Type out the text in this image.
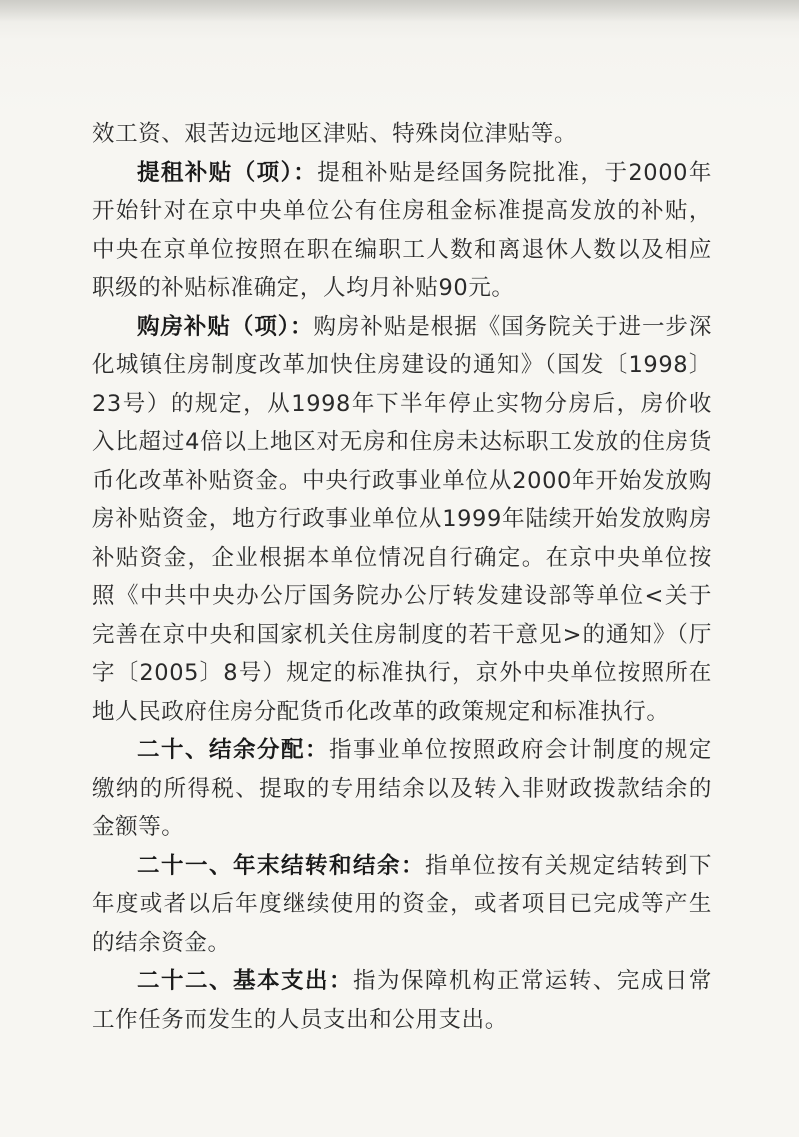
效工资、艰苦边远地区津贴、特殊岗位津贴等。

提租补贴（项）：提租补贴是经国务院批准，于2000年开始针对在京中央单位公有住房租金标准提高发放的补贴，中央在京单位按照在职在编职工人数和离退休人数以及相应职级的补贴标准确定，人均月补贴90元。

购房补贴（项）：购房补贴是根据《国务院关于进一步深化城镇住房制度改革加快住房建设的通知》（国发〔1998〕23号）的规定，从1998年下半年停止实物分房后，房价收入比超过4倍以上地区对无房和住房未达标职工发放的住房货币化改革补贴资金。中央行政事业单位从2000年开始发放购房补贴资金，地方行政事业单位从1999年陆续开始发放购房补贴资金，企业根据本单位情况自行确定。在京中央单位按照《中共中央办公厅国务院办公厅转发建设部等单位<关于完善在京中央和国家机关住房制度的若干意见>的通知》（厅字〔2005〕8号）规定的标准执行，京外中央单位按照所在地人民政府住房分配货币化改革的政策规定和标准执行。

二十、结余分配：指事业单位按照政府会计制度的规定缴纳的所得税、提取的专用结余以及转入非财政拨款结余的金额等。

二十一、年末结转和结余：指单位按有关规定结转到下年度或者以后年度继续使用的资金，或者项目已完成等产生的结余资金。

二十二、基本支出：指为保障机构正常运转、完成日常工作任务而发生的人员支出和公用支出。
